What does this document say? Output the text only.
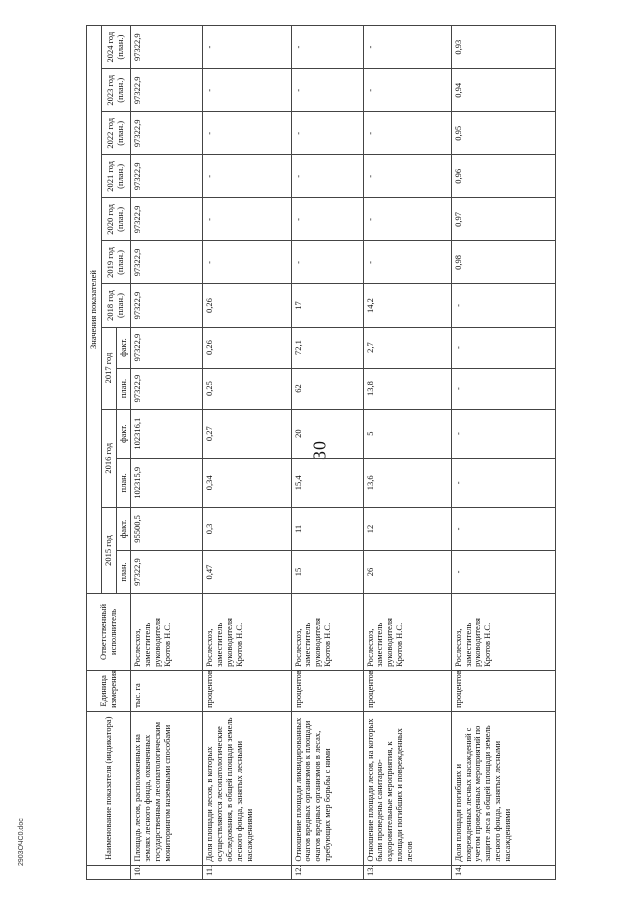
30
	Наименование показателя (индикатора)	Единица измерения	Ответственный исполнитель	Значения показателей												
				2015 год		2016 год		2017 год		2018 год (план.)	2019 год (план.)	2020 год (план.)	2021 год (план.)	2022 год (план.)	2023 год (план.)	2024 год (план.)
				план.	факт.	план.	факт.	план.	факт.							
10.	Площадь лесов, расположенных на землях лесного фонда, охваченных государственным лесопатологическим мониторингом наземными способами	тыс. га	Рослесхоз, заместитель руководителя Кротов Н.С.	97322,9	95500,5	102315,9	102316,1	97322,9	97322,9	97322,9	97322,9	97322,9	97322,9	97322,9	97322,9	97322,9
11.	Доля площади лесов, в которых осуществляются лесопатологические обследования, в общей площади земель лесного фонда, занятых лесными насаждениями	процентов	Рослесхоз, заместитель руководителя Кротов Н.С.	0,47	0,3	0,34	0,27	0,25	0,26	0,26	-	-	-	-	-	-
12.	Отношение площади ликвидированных очагов вредных организмов к площади очагов вредных организмов в лесах, требующих мер борьбы с ними	процентов	Рослесхоз, заместитель руководителя Кротов Н.С.	15	11	15,4	20	62	72,1	17	-	-	-	-	-	-
13.	Отношение площади лесов, на которых были проведены санитарно-оздоровительные мероприятия, к площади погибших и поврежденных лесов	процентов	Рослесхоз, заместитель руководителя Кротов Н.С.	26	12	13,6	5	13,8	2,7	14,2	-	-	-	-	-	-
14.	Доля площади погибших и поврежденных лесных насаждений с учетом проведенных мероприятий по защите леса в общей площади земель лесного фонда, занятых лесными насаждениями	процентов	Рослесхоз, заместитель руководителя Кротов Н.С.	-	-	-	-	-	-	-	0,98	0,97	0,96	0,95	0,94	0,93
2903ОЧС0.doc
